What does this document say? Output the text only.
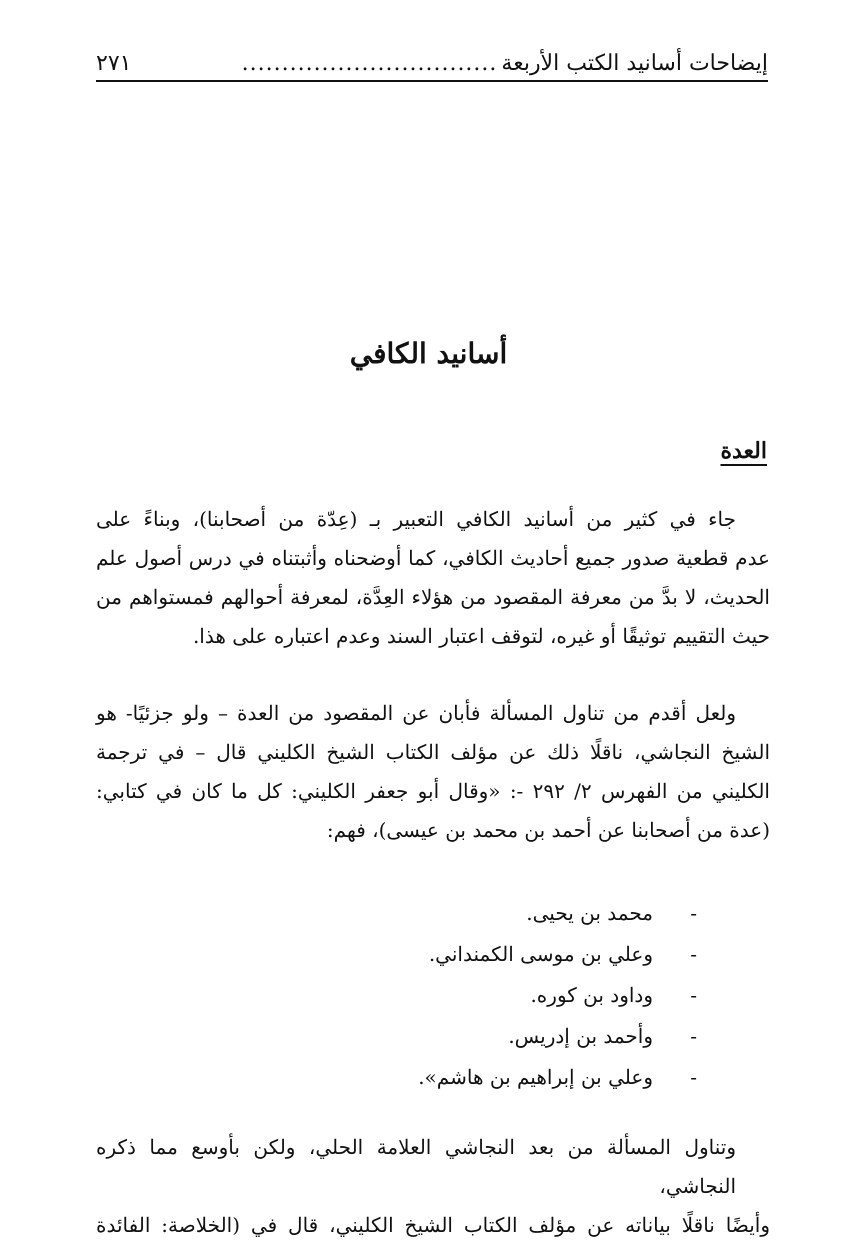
إيضاحات أسانيد الكتب الأربعة
................................
٢٧١
أسانيد الكافي
العدة
جاء في كثير من أسانيد الكافي التعبير بـ (عِدّة من أصحابنا)، وبناءً على
عدم قطعية صدور جميع أحاديث الكافي، كما أوضحناه وأثبتناه في درس أصول علم
الحديث، لا بدَّ من معرفة المقصود من هؤلاء العِدَّة، لمعرفة أحوالهم فمستواهم من
حيث التقييم توثيقًا أو غيره، لتوقف اعتبار السند وعدم اعتباره على هذا.
ولعل أقدم من تناول المسألة فأبان عن المقصود من العدة – ولو جزئيًا- هو
الشيخ النجاشي، ناقلًا ذلك عن مؤلف الكتاب الشيخ الكليني قال – في ترجمة
الكليني من الفهرس ٢/ ٢٩٢ -: «وقال أبو جعفر الكليني: كل ما كان في كتابي:
(عدة من أصحابنا عن أحمد بن محمد بن عيسى)، فهم:
-
محمد بن يحيى.
-
وعلي بن موسى الكمنداني.
-
وداود بن كوره.
-
وأحمد بن إدريس.
-
وعلي بن إبراهيم بن هاشم».
وتناول المسألة من بعد النجاشي العلامة الحلي، ولكن بأوسع مما ذكره النجاشي،
وأيضًا ناقلًا بياناته عن مؤلف الكتاب الشيخ الكليني، قال في (الخلاصة: الفائدة
